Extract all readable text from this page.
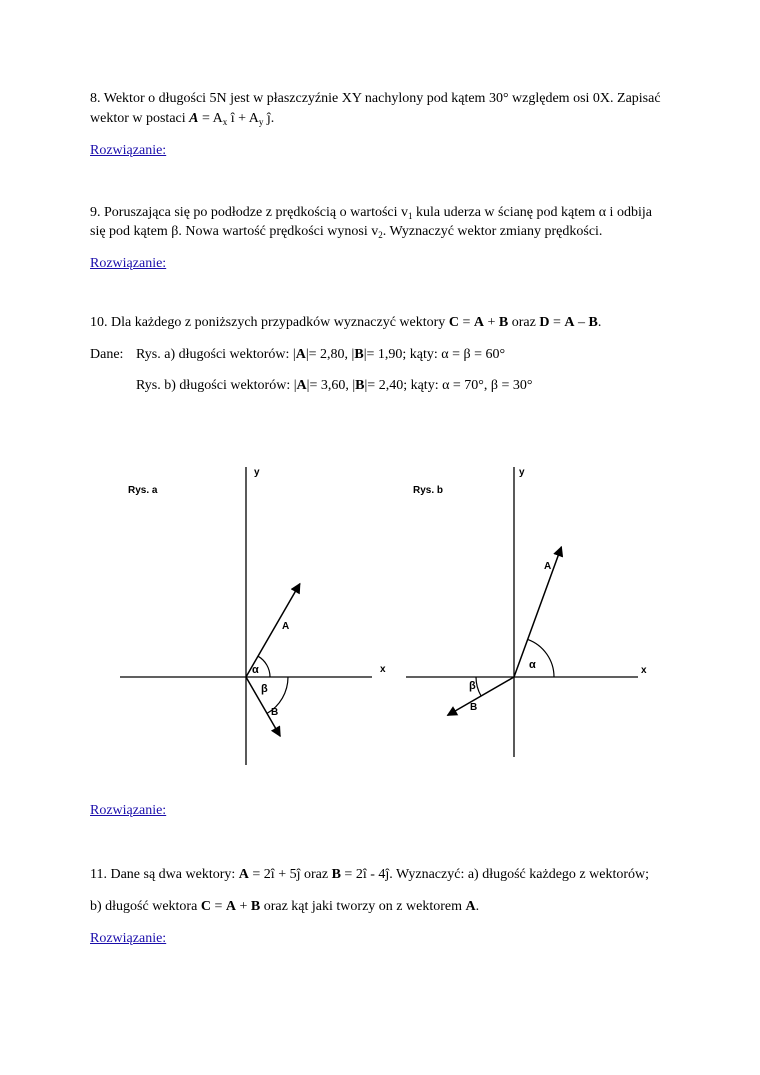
8. Wektor o długości 5N jest w płaszczyźnie XY nachylony pod kątem 30° względem osi 0X. Zapisać
wektor w postaci $A = A_x$ î + $A_y$ ĵ.
Rozwiązanie:
9. Poruszająca się po podłodze z prędkością o wartości $v_1$ kula uderza w ścianę pod kątem α i odbija
się pod kątem β. Nowa wartość prędkości wynosi $v_2$. Wyznaczyć wektor zmiany prędkości.
Rozwiązanie:
10. Dla każdego z poniższych przypadków wyznaczyć wektory C = A + B oraz D = A – B.
Dane: Rys. a) długości wektorów: |A|= 2,80, |B|= 1,90; kąty: α = β = 60°
Rys. b) długości wektorów: |A|= 3,60, |B|= 2,40; kąty: α = 70°, β = 30°
Rys. a
y
x
A
B
α
β
Rys. b
y
x
A
B
α
β
Rozwiązanie:
11. Dane są dwa wektory: A = 2î + 5ĵ oraz B = 2î - 4ĵ. Wyznaczyć: a) długość każdego z wektorów;
b) długość wektora C = A + B oraz kąt jaki tworzy on z wektorem A.
Rozwiązanie:
